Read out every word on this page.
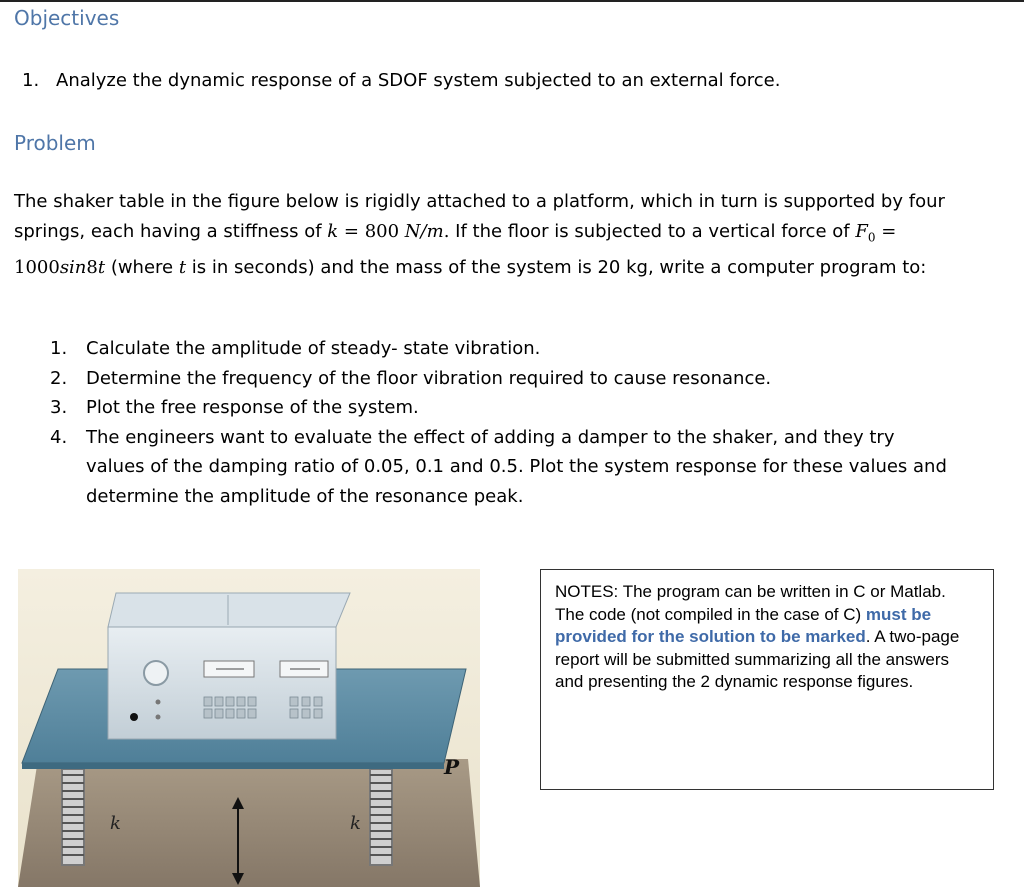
Objectives
1. Analyze the dynamic response of a SDOF system subjected to an external force.
Problem

The shaker table in the figure below is rigidly attached to a platform, which in turn is supported by four springs, each having a stiffness of k = 800 N/m. If the floor is subjected to a vertical force of $F_0 = 1000\sin 8t$ (where t is in seconds) and the mass of the system is 20 kg, write a computer program to:

1.	Calculate the amplitude of steady- state vibration.
2.	Determine the frequency of the floor vibration required to cause resonance.
3.	Plot the free response of the system.
4.	The engineers want to evaluate the effect of adding a damper to the shaker, and they try values of the damping ratio of 0.05, 0.1 and 0.5. Plot the system response for these values and determine the amplitude of the resonance peak.
k	k
P
NOTES: The program can be written in C or Matlab. The code (not compiled in the case of C) must be provided for the solution to be marked. A two-page report will be submitted summarizing all the answers and presenting the 2 dynamic response figures.
